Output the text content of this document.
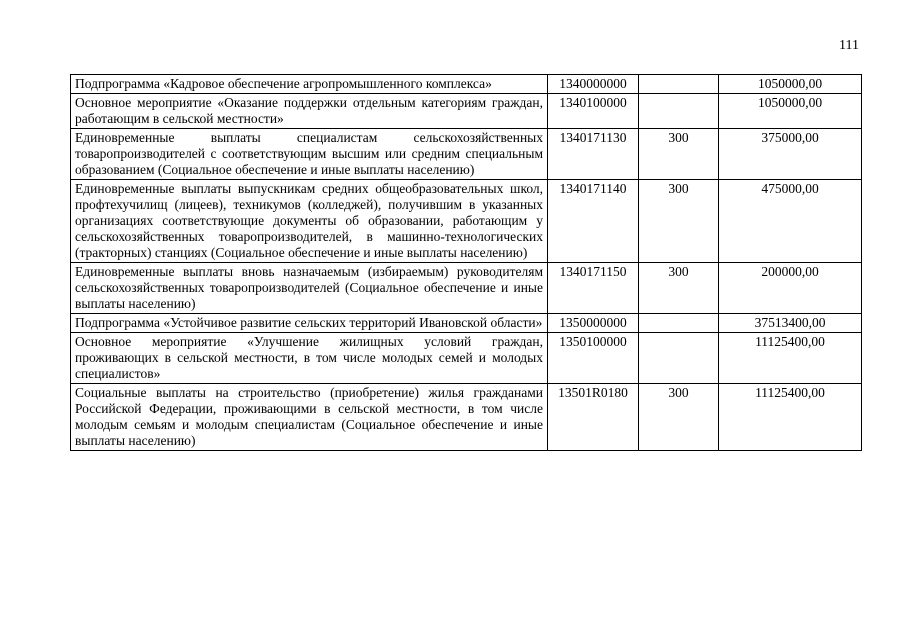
111
Подпрограмма «Кадровое обеспечение агропромышленного комплекса»	1340000000		1050000,00
Основное мероприятие «Оказание поддержки отдельным категориям граждан, работающим в сельской местности»	1340100000		1050000,00
Единовременные выплаты специалистам сельскохозяйственных товаропроизводителей с соответствующим высшим или средним специальным образованием (Социальное обеспечение и иные выплаты населению)	1340171130	300	375000,00
Единовременные выплаты выпускникам средних общеобразовательных школ, профтехучилищ (лицеев), техникумов (колледжей), получившим в указанных организациях соответствующие документы об образовании, работающим у сельскохозяйственных товаропроизводителей, в машинно-технологических (тракторных) станциях (Социальное обеспечение и иные выплаты населению)	1340171140	300	475000,00
Единовременные выплаты вновь назначаемым (избираемым) руководителям сельскохозяйственных товаропроизводителей (Социальное обеспечение и иные выплаты населению)	1340171150	300	200000,00
Подпрограмма «Устойчивое развитие сельских территорий Ивановской области»	1350000000		37513400,00
Основное мероприятие «Улучшение жилищных условий граждан, проживающих в сельской местности, в том числе молодых семей и молодых специалистов»	1350100000		11125400,00
Социальные выплаты на строительство (приобретение) жилья гражданами Российской Федерации, проживающими в сельской местности, в том числе молодым семьям и молодым специалистам (Социальное обеспечение и иные выплаты населению)	13501R0180	300	11125400,00
